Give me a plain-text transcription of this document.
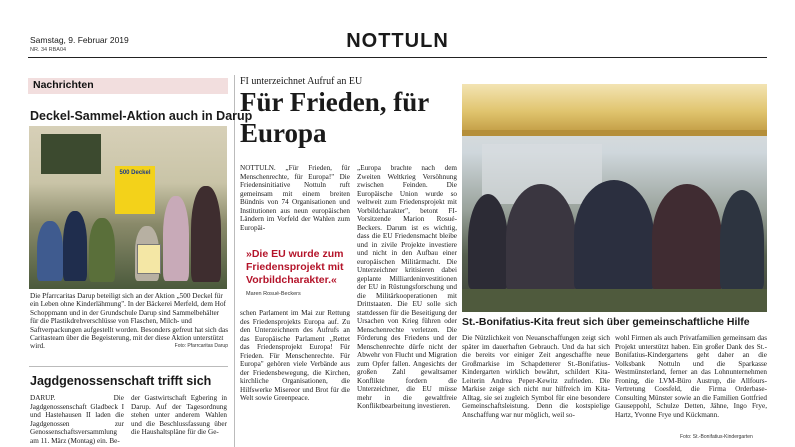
Samstag, 9. Februar 2019
NR. 34 RBA04	NOTTULN
Nachrichten
Deckel-Sammel-Aktion auch in Darup
500 Deckel
Die Pfarrcaritas Darup beteiligt sich an der Aktion „500 Deckel für ein Leben ohne Kinderlähmung". In der Bäckerei Merfeld, dem Hof Schoppmann und in der Grundschule Darup sind Sammelbehälter für die Plastikdrehverschlüsse von Flaschen, Milch- und Saftverpackungen aufgestellt worden. Besonders gefreut hat sich das Caritasteam über die Begeisterung, mit der diese Aktion unterstützt wird.	Foto: Pfarrcaritas Darup
Jagdgenossenschaft trifft sich
DARUP. Die Jagdgenossenschaft Gladbeck I und Hastehausen II laden die Jagdgenossen zur Genossenschaftsversammlung am 11. März (Montag) ein. Be-
der Gastwirtschaft Egbering in Darup. Auf der Tagesordnung stehen unter anderem Wahlen und die Beschlussfassung über die Haushaltspläne für die Ge-
FI unterzeichnet Aufruf an EU
Für Frieden, für Europa
NOTTULN. „Für Frieden, für Menschenrechte, für Europa!" Die Friedensinitiative Nottuln ruft gemeinsam mit einem breiten Bündnis von 74 Organisationen und Institutionen aus neun europäischen Ländern im Vorfeld der Wahlen zum Europäi-
»Die EU wurde zum Friedensprojekt mit Vorbildcharakter.«
Maren Rosué-Beckers
schen Parlament im Mai zur Rettung des Friedensprojekts Europa auf. Zu den Unterzeichnern des Aufrufs an das Europäische Parlament „Rettet das Friedensprojekt Europa! Für Frieden. Für Menschenrechte. Für Europa" gehören viele Verbände aus der Friedensbewegung, die Kirchen, kirchliche Organisationen, die Hilfswerke Misereor und Brot für die Welt sowie Greenpeace.
„Europa brachte nach dem Zweiten Weltkrieg Versöhnung zwischen Feinden. Die Europäische Union wurde so weltweit zum Friedensprojekt mit Vorbildcharakter", betont FI-Vorsitzende Marion Rosué-Beckers. Darum ist es wichtig, dass die EU Friedensmacht bleibe und in zivile Projekte investiere und nicht in den Aufbau einer europäischen Militärmacht. Die Unterzeichner kritisieren dabei geplante Milliardeninvestitionen der EU in Rüstungsforschung und die Militärkooperationen mit Drittstaaten. Die EU solle sich stattdessen für die Beseitigung der Ursachen von Krieg führen oder Menschenrechte verletzen. Die Förderung des Friedens und der Menschenrechte dürfe nicht der Abwehr von Flucht und Migration zum Opfer fallen. Angesichts der großen Zahl gewaltsamer Konflikte fordern die Unterzeichner, die EU müsse mehr in die gewaltfreie Konfliktbearbeitung investieren.
St.-Bonifatius-Kita freut sich über gemeinschaftliche Hilfe
Die Nützlichkeit von Neuanschaffungen zeigt sich später im dauerhaften Gebrauch. Und da hat sich die bereits vor einiger Zeit angeschaffte neue Großmarkise im Schapdetterer St.-Bonifatius-Kindergarten wirklich bewährt, schildert Kita-Leiterin Andrea Peper-Kewitz zufrieden. Die Markise zeige sich nicht nur hilfreich im Kita-Alltag, sie sei zugleich Symbol für eine besondere Gemeinschaftsleistung. Denn die kostspielige Anschaffung war nur möglich, weil so-
wohl Firmen als auch Privatfamilien gemeinsam das Projekt unterstützt haben. Ein großer Dank des St.-Bonifatius-Kindergartens geht daher an die Volksbank Nottuln und die Sparkasse Westmünsterland, ferner an das Lohnunternehmen Froning, die LVM-Büro Austrup, die Allfours-Vertretung Coesfeld, die Firma Orderbase-Consulting Münster sowie an die Familien Gottfried Gauseppohl, Schulze Detten, Jähne, Ingo Frye, Hartz, Yvonne Frye und Kückmann.
Foto: St.-Bonifatius-Kindergarten
